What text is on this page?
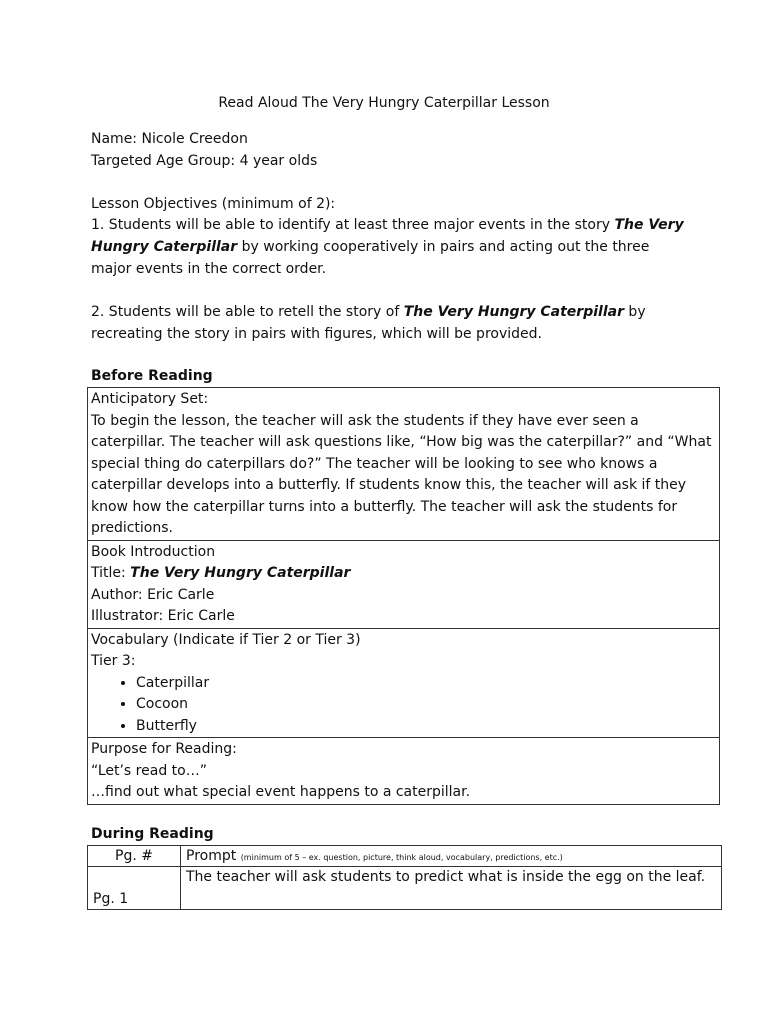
Read Aloud The Very Hungry Caterpillar Lesson
Name: Nicole Creedon
Targeted Age Group: 4 year olds
Lesson Objectives (minimum of 2):
1. Students will be able to identify at least three major events in the story The Very Hungry Caterpillar by working cooperatively in pairs and acting out the three major events in the correct order.
2. Students will be able to retell the story of The Very Hungry Caterpillar by recreating the story in pairs with figures, which will be provided.
Before Reading
Anticipatory Set:
To begin the lesson, the teacher will ask the students if they have ever seen a caterpillar. The teacher will ask questions like, “How big was the caterpillar?” and “What special thing do caterpillars do?” The teacher will be looking to see who knows a caterpillar develops into a butterfly. If students know this, the teacher will ask if they know how the caterpillar turns into a butterfly. The teacher will ask the students for predictions.
Book Introduction
Title: The Very Hungry Caterpillar
Author: Eric Carle
Illustrator: Eric Carle
Vocabulary (Indicate if Tier 2 or Tier 3)
Tier 3:
• Caterpillar
• Cocoon
• Butterfly
Purpose for Reading:
“Let’s read to…”
…find out what special event happens to a caterpillar.
During Reading
Pg. #	Prompt (minimum of 5 – ex. question, picture, think aloud, vocabulary, predictions, etc.)
Pg. 1	The teacher will ask students to predict what is inside the egg on the leaf.
